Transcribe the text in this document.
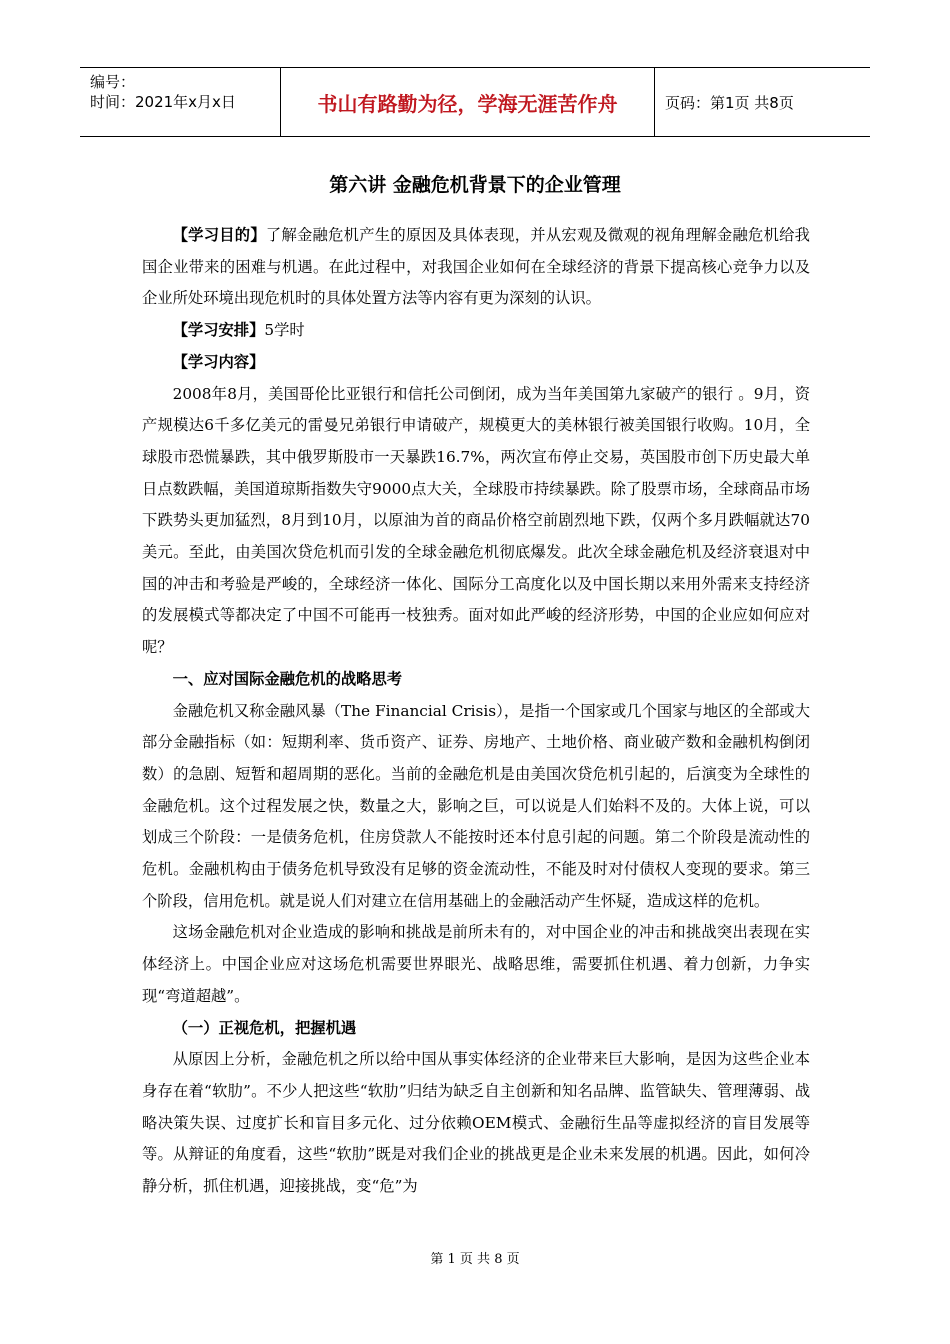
编号：
时间：2021年x月x日	书山有路勤为径，学海无涯苦作舟	页码：第1页 共8页
第六讲 金融危机背景下的企业管理

【学习目的】了解金融危机产生的原因及具体表现，并从宏观及微观的视角理解金融危机给我国企业带来的困难与机遇。在此过程中，对我国企业如何在全球经济的背景下提高核心竞争力以及企业所处环境出现危机时的具体处置方法等内容有更为深刻的认识。

【学习安排】5学时

【学习内容】

2008年8月，美国哥伦比亚银行和信托公司倒闭，成为当年美国第九家破产的银行 。9月，资产规模达6千多亿美元的雷曼兄弟银行申请破产，规模更大的美林银行被美国银行收购。10月，全球股市恐慌暴跌，其中俄罗斯股市一天暴跌16.7%，两次宣布停止交易，英国股市创下历史最大单日点数跌幅，美国道琼斯指数失守9000点大关，全球股市持续暴跌。除了股票市场，全球商品市场下跌势头更加猛烈，8月到10月，以原油为首的商品价格空前剧烈地下跌，仅两个多月跌幅就达70美元。至此，由美国次贷危机而引发的全球金融危机彻底爆发。此次全球金融危机及经济衰退对中国的冲击和考验是严峻的，全球经济一体化、国际分工高度化以及中国长期以来用外需来支持经济的发展模式等都决定了中国不可能再一枝独秀。面对如此严峻的经济形势，中国的企业应如何应对呢？

一、应对国际金融危机的战略思考

金融危机又称金融风暴（The Financial Crisis），是指一个国家或几个国家与地区的全部或大部分金融指标（如：短期利率、货币资产、证券、房地产、土地价格、商业破产数和金融机构倒闭数）的急剧、短暂和超周期的恶化。当前的金融危机是由美国次贷危机引起的，后演变为全球性的金融危机。这个过程发展之快，数量之大，影响之巨，可以说是人们始料不及的。大体上说，可以划成三个阶段：一是债务危机，住房贷款人不能按时还本付息引起的问题。第二个阶段是流动性的危机。金融机构由于债务危机导致没有足够的资金流动性，不能及时对付债权人变现的要求。第三个阶段，信用危机。就是说人们对建立在信用基础上的金融活动产生怀疑，造成这样的危机。

这场金融危机对企业造成的影响和挑战是前所未有的，对中国企业的冲击和挑战突出表现在实体经济上。中国企业应对这场危机需要世界眼光、战略思维，需要抓住机遇、着力创新，力争实现“弯道超越”。

（一）正视危机，把握机遇

从原因上分析，金融危机之所以给中国从事实体经济的企业带来巨大影响，是因为这些企业本身存在着“软肋”。不少人把这些“软肋”归结为缺乏自主创新和知名品牌、监管缺失、管理薄弱、战略决策失误、过度扩长和盲目多元化、过分依赖OEM模式、金融衍生品等虚拟经济的盲目发展等等。从辩证的角度看，这些“软肋”既是对我们企业的挑战更是企业未来发展的机遇。因此，如何冷静分析，抓住机遇，迎接挑战，变“危”为

第 1 页 共 8 页
